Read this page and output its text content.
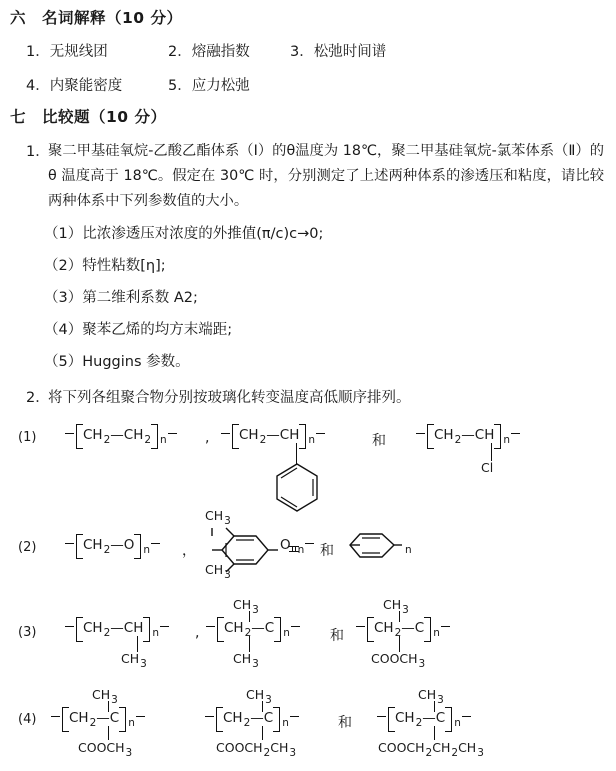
六 名词解释（10 分）
1．无规线团	2．熔融指数	3．松弛时间谱
4．内聚能密度	5．应力松弛
七 比较题（10 分）
1．
聚二甲基硅氧烷-乙酸乙酯体系（Ⅰ）的θ温度为 18℃，聚二甲基硅氧烷-氯苯体系（Ⅱ）的θ 温度高于 18℃。假定在 30℃ 时，分别测定了上述两种体系的渗透压和粘度，请比较两种体系中下列参数值的大小。
（1）比浓渗透压对浓度的外推值(π/c)c→0;
（2）特性粘数[η];
（3）第二维利系数 A2;
（4）聚苯乙烯的均方末端距;
（5）Huggins 参数。
2．
将下列各组聚合物分别按玻璃化转变温度高低顺序排列。
(1)	$CH_2—CH_2$ $_n$	,	$CH_2—CH$ $_n$	和	$CH_2—CH$ $_n$
Cl
(2)	$CH_2—O$ $_n$	，
$CH_3$
O $_n$
$CH_3$
和	$_n$
(3)	$CH_2—CH$ $_n$
$CH_3$
,
$CH_3$
$CH_2—C$ $_n$
$CH_3$
和
$CH_3$
$CH_2—C$ $_n$
$COOCH_3$
(4)
$CH_3$
$CH_2—C$ $_n$
$COOCH_3$
$CH_3$
$CH_2—C$ $_n$
$COOCH_2CH_3$
和
$CH_3$
$CH_2—C$ $_n$
$COOCH_2CH_2CH_3$
